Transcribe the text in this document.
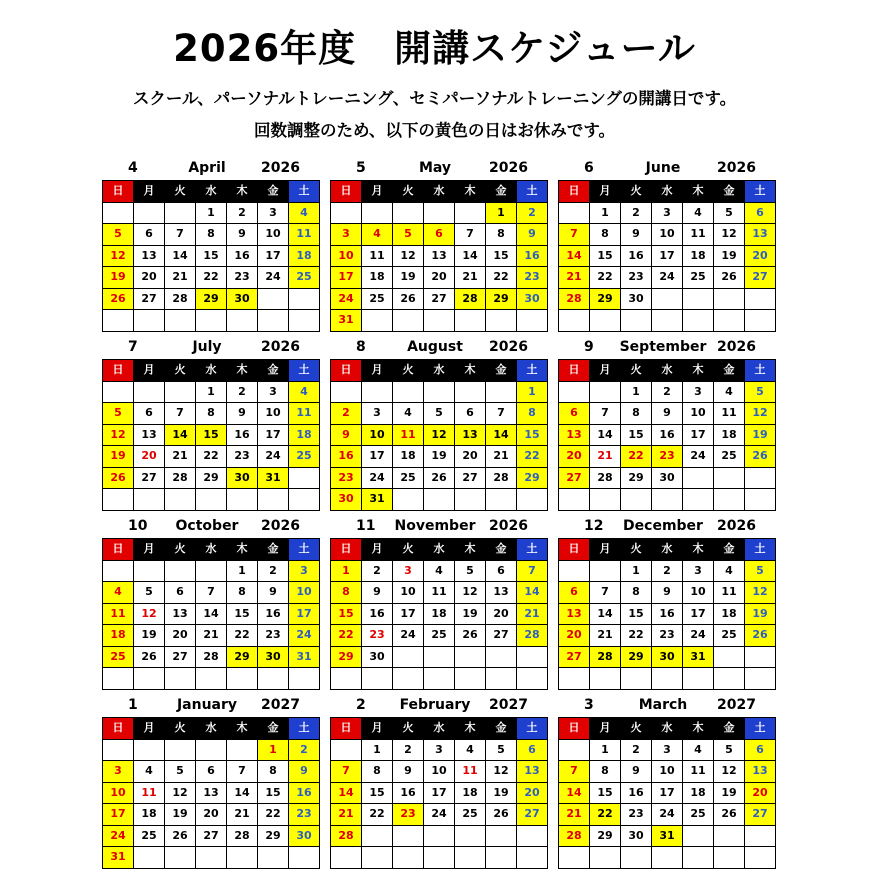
2026年度　開講スケジュール

スクール、パーソナルトレーニング、セミパーソナルトレーニングの開講日です。

回数調整のため、以下の黄色の日はお休みです。

4	April	2026
日	月	火	水	木	金	土
			1	2	3	4
5	6	7	8	9	10	11
12	13	14	15	16	17	18
19	20	21	22	23	24	25
26	27	28	29	30		

5	May	2026
日	月	火	水	木	金	土
					1	2
3	4	5	6	7	8	9
10	11	12	13	14	15	16
17	18	19	20	21	22	23
24	25	26	27	28	29	30
31						
6	June	2026
日	月	火	水	木	金	土
	1	2	3	4	5	6
7	8	9	10	11	12	13
14	15	16	17	18	19	20
21	22	23	24	25	26	27
28	29	30				

7	July	2026
日	月	火	水	木	金	土
			1	2	3	4
5	6	7	8	9	10	11
12	13	14	15	16	17	18
19	20	21	22	23	24	25
26	27	28	29	30	31	

8	August	2026
日	月	火	水	木	金	土
						1
2	3	4	5	6	7	8
9	10	11	12	13	14	15
16	17	18	19	20	21	22
23	24	25	26	27	28	29
30	31					
9	September 2026
日	月	火	水	木	金	土
		1	2	3	4	5
6	7	8	9	10	11	12
13	14	15	16	17	18	19
20	21	22	23	24	25	26
27	28	29	30			

10	October	2026
日	月	火	水	木	金	土
				1	2	3
4	5	6	7	8	9	10
11	12	13	14	15	16	17
18	19	20	21	22	23	24
25	26	27	28	29	30	31

11	November 2026
日	月	火	水	木	金	土
1	2	3	4	5	6	7
8	9	10	11	12	13	14
15	16	17	18	19	20	21
22	23	24	25	26	27	28
29	30					

12	December	2026
日	月	火	水	木	金	土
		1	2	3	4	5
6	7	8	9	10	11	12
13	14	15	16	17	18	19
20	21	22	23	24	25	26
27	28	29	30	31		

1	January	2027
日	月	火	水	木	金	土
					1	2
3	4	5	6	7	8	9
10	11	12	13	14	15	16
17	18	19	20	21	22	23
24	25	26	27	28	29	30
31						
2	February	2027
日	月	火	水	木	金	土
	1	2	3	4	5	6
7	8	9	10	11	12	13
14	15	16	17	18	19	20
21	22	23	24	25	26	27
28						

3	March	2027
日	月	火	水	木	金	土
	1	2	3	4	5	6
7	8	9	10	11	12	13
14	15	16	17	18	19	20
21	22	23	24	25	26	27
28	29	30	31			
